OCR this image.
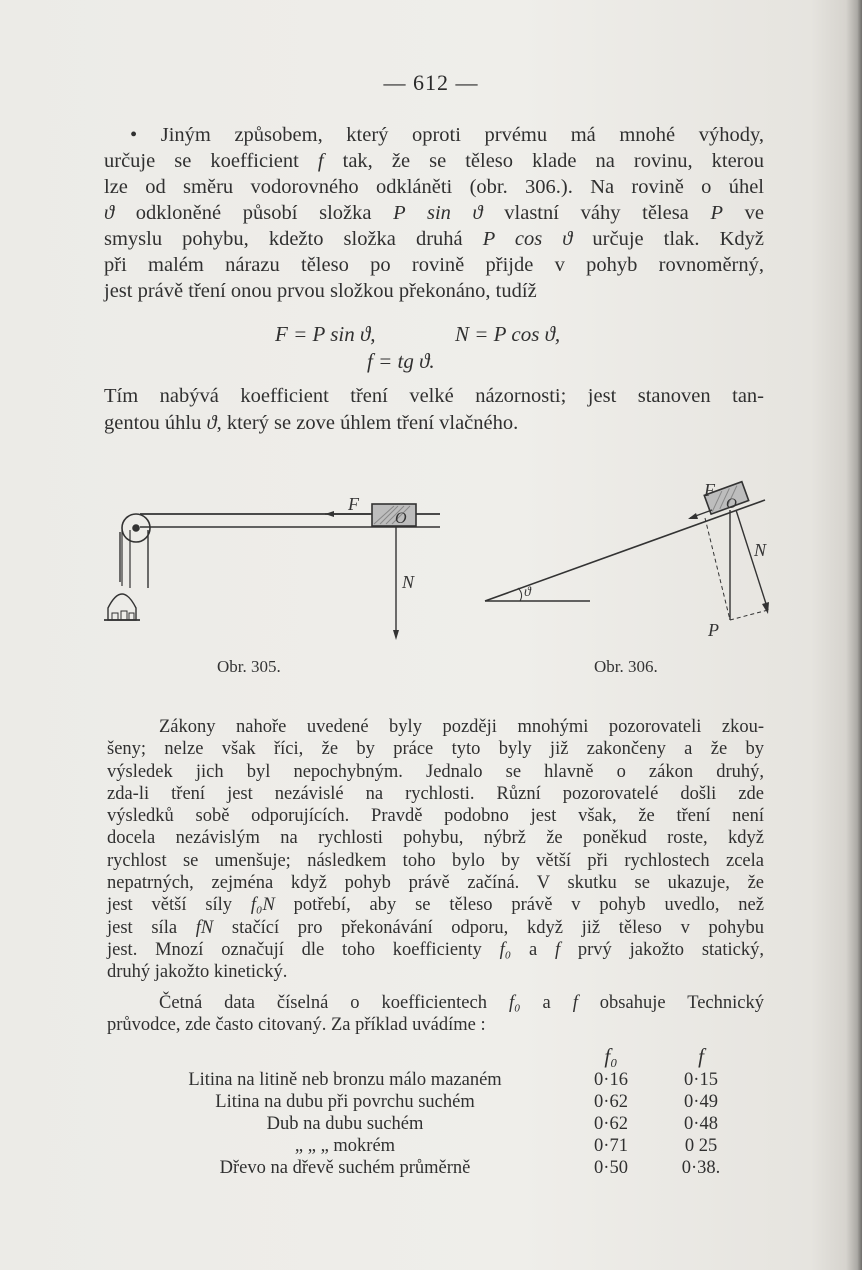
— 612 —
• Jiným způsobem, který oproti prvému má mnohé výhody,
určuje se koefficient f tak, že se těleso klade na rovinu, kterou
lze od směru vodorovného odkláněti (obr. 306.). Na rovině o úhel
ϑ odkloněné působí složka P sin ϑ vlastní váhy tělesa P ve
smyslu pohybu, kdežto složka druhá P cos ϑ určuje tlak. Když
při malém nárazu těleso po rovině přijde v pohyb rovnoměrný,
jest právě tření onou prvou složkou překonáno, tudíž
F = P sin ϑ,	N = P cos ϑ,
f = tg ϑ.
Tím nabývá koefficient tření velké názornosti; jest stanoven tan-
gentou úhlu ϑ, který se zove úhlem tření vlačného.
F
O
N
F
O
N
P
ϑ
Obr. 305.	Obr. 306.
Zákony nahoře uvedené byly později mnohými pozorovateli zkou-
šeny; nelze však říci, že by práce tyto byly již zakončeny a že by
výsledek jich byl nepochybným. Jednalo se hlavně o zákon druhý,
zda-li tření jest nezávislé na rychlosti. Různí pozorovatelé došli zde
výsledků sobě odporujících. Pravdě podobno jest však, že tření není
docela nezávislým na rychlosti pohybu, nýbrž že poněkud roste, když
rychlost se umenšuje; následkem toho bylo by větší při rychlostech zcela
nepatrných, zejména když pohyb právě začíná. V skutku se ukazuje, že
jest větší síly f₀N potřebí, aby se těleso právě v pohyb uvedlo, než
jest síla fN stačící pro překonávání odporu, když již těleso v pohybu
jest. Mnozí označují dle toho koefficienty f₀ a f prvý jakožto statický,
druhý jakožto kinetický.
Četná data číselná o koefficientech f₀ a f obsahuje Technický
průvodce, zde často citovaný. Za příklad uvádíme :
f₀	f
Litina na litině neb bronzu málo mazaném	0·16	0·15
Litina na dubu při povrchu suchém	0·62	0·49
Dub na dubu suchém	0·62	0·48
„ „ „ mokrém	0·71	0 25
Dřevo na dřevě suchém průměrně	0·50	0·38.
